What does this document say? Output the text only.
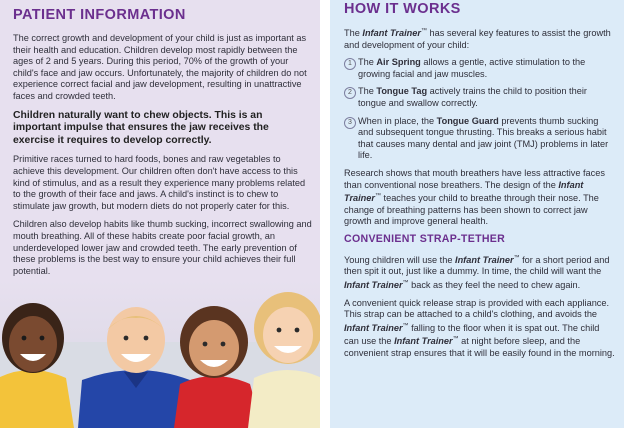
PATIENT INFORMATION

The correct growth and development of your child is just as important as their health and education. Children develop most rapidly between the ages of 2 and 5 years. During this period, 70% of the growth of your child's face and jaw occurs. Unfortunately, the majority of children do not experience correct facial and jaw development, resulting in unattractive faces and crowded teeth.

Children naturally want to chew objects. This is an important impulse that ensures the jaw receives the exercise it requires to develop correctly.

Primitive races turned to hard foods, bones and raw vegetables to achieve this development. Our children often don't have access to this kind of stimulus, and as a result they experience many problems related to the growth of their face and jaws. A child's instinct is to chew to stimulate jaw growth, but modern diets do not properly cater for this.

Children also develop habits like thumb sucking, incorrect swallowing and mouth breathing. All of these habits create poor facial growth, an underdeveloped lower jaw and crowded teeth. The early prevention of these problems is the best way to ensure your child achieves their full potential.

HOW IT WORKS

The Infant Trainer™ has several key features to assist the growth and development of your child:

1 The Air Spring allows a gentle, active stimulation to the growing facial and jaw muscles.
2 The Tongue Tag actively trains the child to position their tongue and swallow correctly.
3 When in place, the Tongue Guard prevents thumb sucking and subsequent tongue thrusting. This breaks a serious habit that causes many dental and jaw joint (TMJ) problems in later life.

Research shows that mouth breathers have less attractive faces than conventional nose breathers. The design of the Infant Trainer™ teaches your child to breathe through their nose. The change of breathing patterns has been shown to correct jaw growth and improve general health.

CONVENIENT STRAP-TETHER

Young children will use the Infant Trainer™ for a short period and then spit it out, just like a dummy. In time, the child will want the Infant Trainer™ back as they feel the need to chew again.

A convenient quick release strap is provided with each appliance. This strap can be attached to a child's clothing, and avoids the Infant Trainer™ falling to the floor when it is spat out. The child can use the Infant Trainer™ at night before sleep, and the convenient strap ensures that it will be easily found in the morning.
